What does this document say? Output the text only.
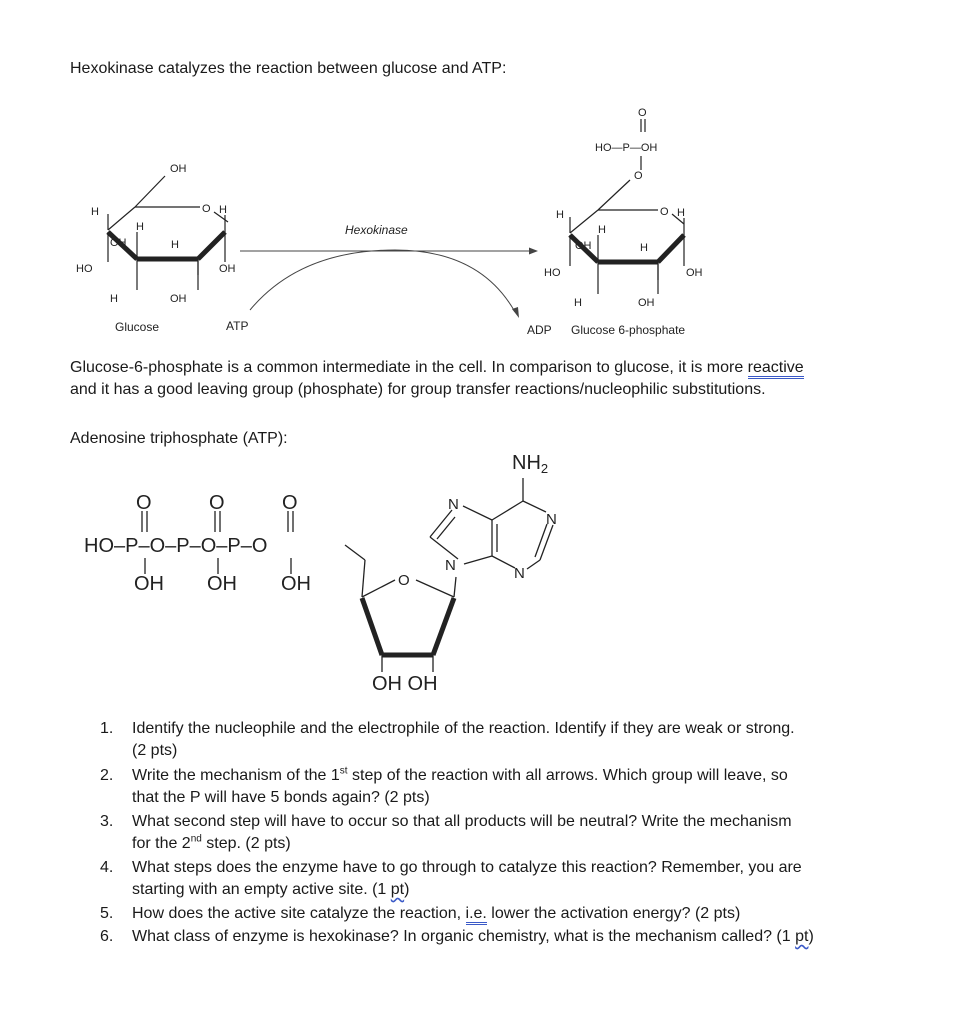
Hexokinase catalyzes the reaction between glucose and ATP:
OH
O H
H
H
OH	H
HO	OH
H	OH
Glucose
Hexokinase
ATP	ADP Glucose 6-phosphate
O
HO—P—OH
O
O H
H
H
OH	H
HO	OH
H	OH
O	O	O
HO–P–O–P–O–P–O
OH OH OH
$NH_2$
O
N
N
N	N
OH OH
Glucose-6-phosphate is a common intermediate in the cell. In comparison to glucose, it is more reactive
and it has a good leaving group (phosphate) for group transfer reactions/nucleophilic substitutions.
Adenosine triphosphate (ATP):
1.	Identify the nucleophile and the electrophile of the reaction. Identify if they are weak or strong.
(2 pts)
2.	Write the mechanism of the 1st step of the reaction with all arrows. Which group will leave, so
that the P will have 5 bonds again? (2 pts)
3.	What second step will have to occur so that all products will be neutral? Write the mechanism
for the 2nd step. (2 pts)
4.	What steps does the enzyme have to go through to catalyze this reaction? Remember, you are
starting with an empty active site. (1 pt)
5.	How does the active site catalyze the reaction, i.e. lower the activation energy? (2 pts)
6.	What class of enzyme is hexokinase? In organic chemistry, what is the mechanism called? (1 pt)
